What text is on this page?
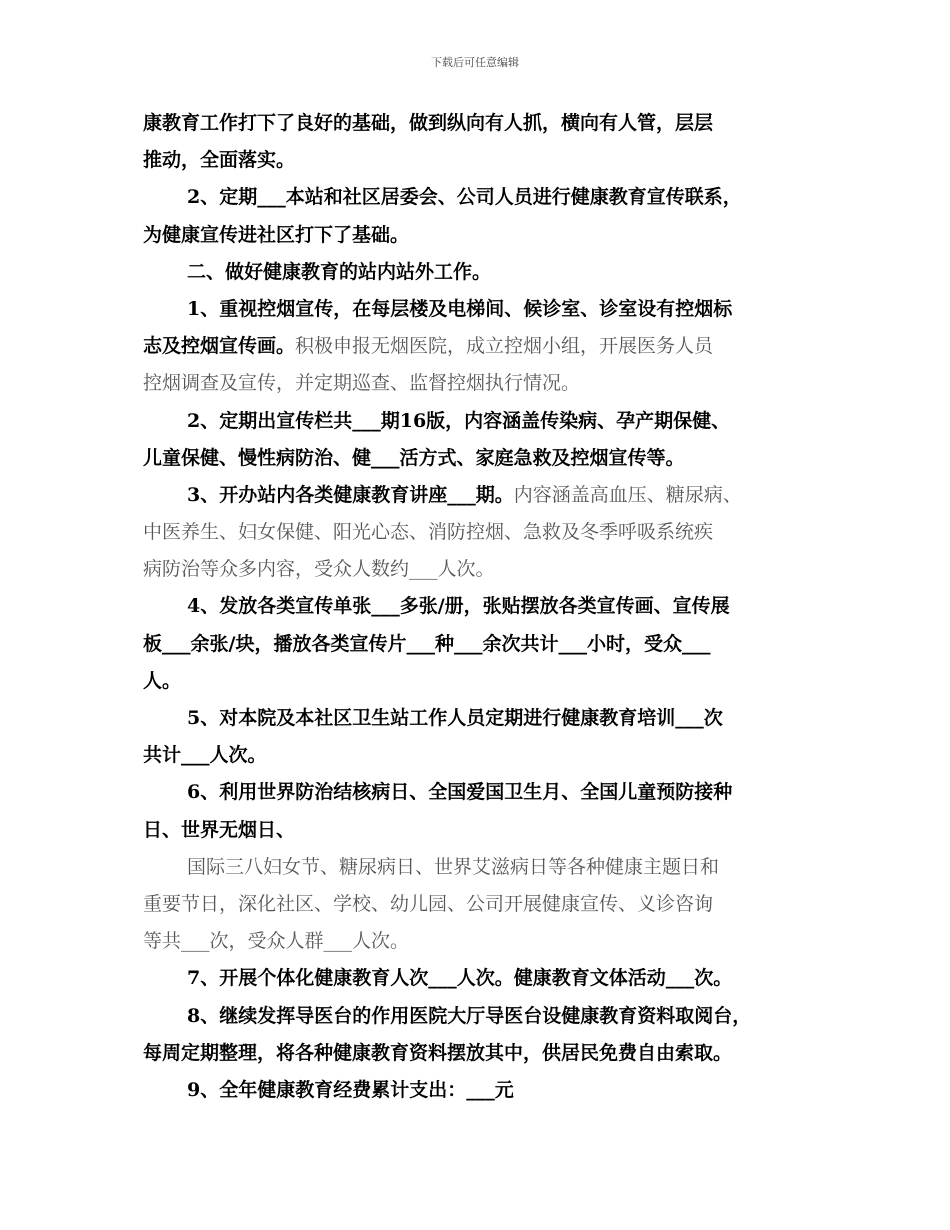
下载后可任意编辑
康教育工作打下了良好的基础，做到纵向有人抓，横向有人管，层层
推动，全面落实。
2、定期___本站和社区居委会、公司人员进行健康教育宣传联系，
为健康宣传进社区打下了基础。
二、做好健康教育的站内站外工作。
1、重视控烟宣传，在每层楼及电梯间、候诊室、诊室设有控烟标
志及控烟宣传画。积极申报无烟医院，成立控烟小组，开展医务人员
控烟调查及宣传，并定期巡查、监督控烟执行情况。
2、定期出宣传栏共___期16版，内容涵盖传染病、孕产期保健、
儿童保健、慢性病防治、健___活方式、家庭急救及控烟宣传等。
3、开办站内各类健康教育讲座___期。内容涵盖高血压、糖尿病、
中医养生、妇女保健、阳光心态、消防控烟、急救及冬季呼吸系统疾
病防治等众多内容，受众人数约___人次。
4、发放各类宣传单张___多张/册，张贴摆放各类宣传画、宣传展
板___余张/块，播放各类宣传片___种___余次共计___小时，受众___
人。
5、对本院及本社区卫生站工作人员定期进行健康教育培训___次
共计___人次。
6、利用世界防治结核病日、全国爱国卫生月、全国儿童预防接种
日、世界无烟日、
国际三八妇女节、糖尿病日、世界艾滋病日等各种健康主题日和
重要节日，深化社区、学校、幼儿园、公司开展健康宣传、义诊咨询
等共___次，受众人群___人次。
7、开展个体化健康教育人次___人次。健康教育文体活动___次。
8、继续发挥导医台的作用医院大厅导医台设健康教育资料取阅台，
每周定期整理，将各种健康教育资料摆放其中，供居民免费自由索取。
9、全年健康教育经费累计支出：___元
